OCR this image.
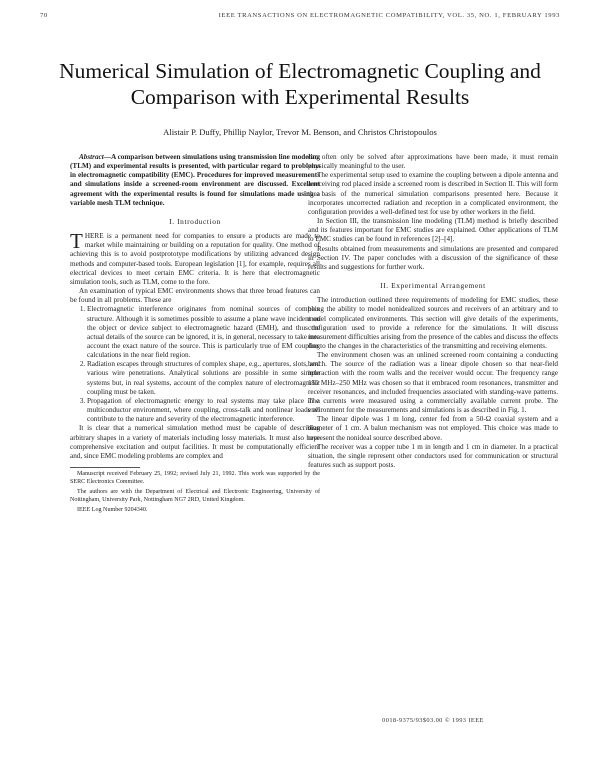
70	IEEE TRANSACTIONS ON ELECTROMAGNETIC COMPATIBILITY, VOL. 35, NO. 1, FEBRUARY 1993
Numerical Simulation of Electromagnetic Coupling and Comparison with Experimental Results
Alistair P. Duffy, Phillip Naylor, Trevor M. Benson, and Christos Christopoulos

Abstract—A comparison between simulations using transmission line modeling (TLM) and experimental results is presented, with particular regard to problems in electromagnetic compatibility (EMC). Procedures for improved measurements and simulations inside a screened-room environment are discussed. Excellent agreement with the experimental results is found for simulations made using a variable mesh TLM technique.

I. Introduction

THERE is a permanent need for companies to ensure a products are made to market while maintaining or building on a reputation for quality. One method of achieving this is to avoid postprototype modifications by utilizing advanced design methods and computer-based tools. European legislation [1], for example, requires all electrical devices to meet certain EMC criteria. It is here that electromagnetic simulation tools, such as TLM, come to the fore.

An examination of typical EMC environments shows that three broad features can be found in all problems. These are

1. Electromagnetic interference originates from nominal sources of complex structure. Although it is sometimes possible to assume a plane wave incident on the object or device subject to electromagnetic hazard (EMH), and thus the actual details of the source can be ignored, it is, in general, necessary to take into account the exact nature of the source. This is particularly true of EM coupling calculations in the near field region.
2. Radiation escapes through structures of complex shape, e.g., apertures, slots, and various wire penetrations. Analytical solutions are possible in some simple systems but, in real systems, account of the complex nature of electromagnetic coupling must be taken.
3. Propagation of electromagnetic energy to real systems may take place in a multiconductor environment, where coupling, cross-talk and nonlinear loads all contribute to the nature and severity of the electromagnetic interference.

It is clear that a numerical simulation method must be capable of describing arbitrary shapes in a variety of materials including lossy materials. It must also have comprehensive excitation and output facilities. It must be computationally efficient and, since EMC modeling problems are complex and

Manuscript received February 25, 1992; revised July 21, 1992. This work was supported by the SERC Electronics Committee.

The authors are with the Department of Electrical and Electronic Engineering, University of Nottingham, University Park, Nottingham NG7 2RD, United Kingdom.

IEEE Log Number 9204340.

can often only be solved after approximations have been made, it must remain physically meaningful to the user.

The experimental setup used to examine the coupling between a dipole antenna and a receiving rod placed inside a screened room is described in Section II. This will form the basis of the numerical simulation comparisons presented here. Because it incorporates uncorrected radiation and reception in a complicated environment, the configuration provides a well-defined test for use by other workers in the field.

In Section III, the transmission line modeling (TLM) method is briefly described and its features important for EMC studies are explained. Other applications of TLM to EMC studies can be found in references [2]–[4].

Results obtained from measurements and simulations are presented and compared in Section IV. The paper concludes with a discussion of the significance of these results and suggestions for further work.

II. Experimental Arrangement

The introduction outlined three requirements of modeling for EMC studies, these being the ability to model nonidealized sources and receivers of an arbitrary and to model complicated environments. This section will give details of the experiments, configuration used to provide a reference for the simulations. It will discuss measurement difficulties arising from the presence of the cables and discuss the effects due to the changes in the characteristics of the transmitting and receiving elements.

The environment chosen was an unlined screened room containing a conducting bench. The source of the radiation was a linear dipole chosen so that near-field interaction with the room walls and the receiver would occur. The frequency range 150 MHz–250 MHz was chosen so that it embraced room resonances, transmitter and receiver resonances, and included frequencies associated with standing-wave patterns. The currents were measured using a commercially available current probe. The environment for the measurements and simulations is as described in Fig. 1.

The linear dipole was 1 m long, center fed from a 50-Ω coaxial system and a diameter of 1 cm. A balun mechanism was not employed. This choice was made to represent the nonideal source described above.

The receiver was a copper tube 1 m in length and 1 cm in diameter. In a practical situation, the single represent other conductors used for communication or structural features such as support posts.

0018-9375/93$03.00 © 1993 IEEE
